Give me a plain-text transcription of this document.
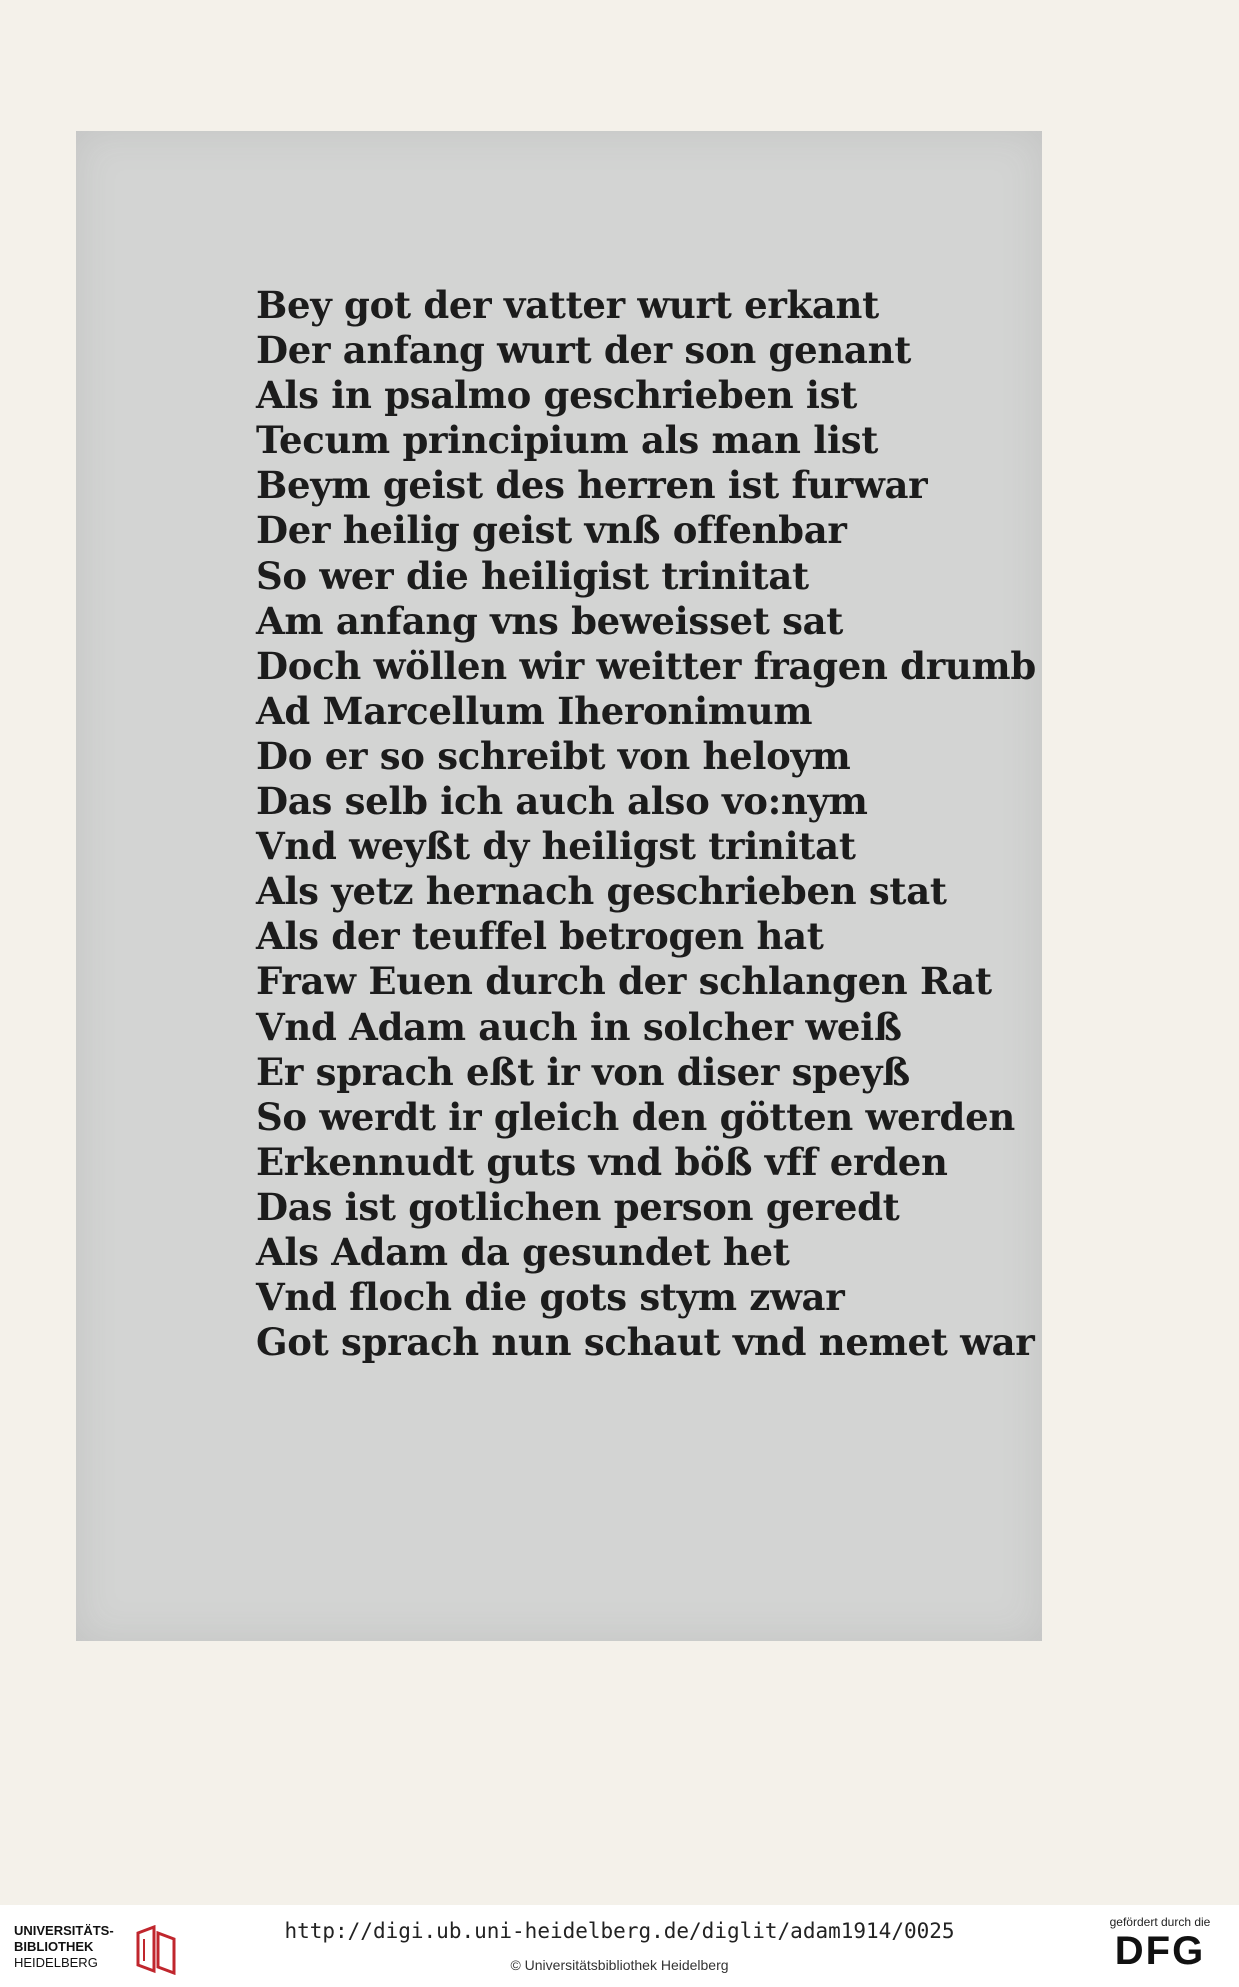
Bey got der vatter wurt erkant
Der anfang wurt der son genant
Als in psalmo geschrieben ist
Tecum principium als man list
Beym geist des herren ist furwar
Der heilig geist vnß offenbar
So wer die heiligist trinitat
Am anfang vns beweisset sat
Doch wöllen wir weitter fragen drumb
Ad Marcellum Iheronimum
Do er so schreibt von heloym
Das selb ich auch also vo:nym
Vnd weyßt dy heiligst trinitat
Als yetz hernach geschrieben stat
Als der teuffel betrogen hat
Fraw Euen durch der schlangen Rat
Vnd Adam auch in solcher weiß
Er sprach eßt ir von diser speyß
So werdt ir gleich den götten werden
Erkennudt guts vnd böß vff erden
Das ist gotlichen person geredt
Als Adam da gesundet het
Vnd floch die gots stym zwar
Got sprach nun schaut vnd nemet war
UNIVERSITÄTS-
BIBLIOTHEK
HEIDELBERG
http://digi.ub.uni-heidelberg.de/diglit/adam1914/0025
© Universitätsbibliothek Heidelberg
gefördert durch die
DFG
